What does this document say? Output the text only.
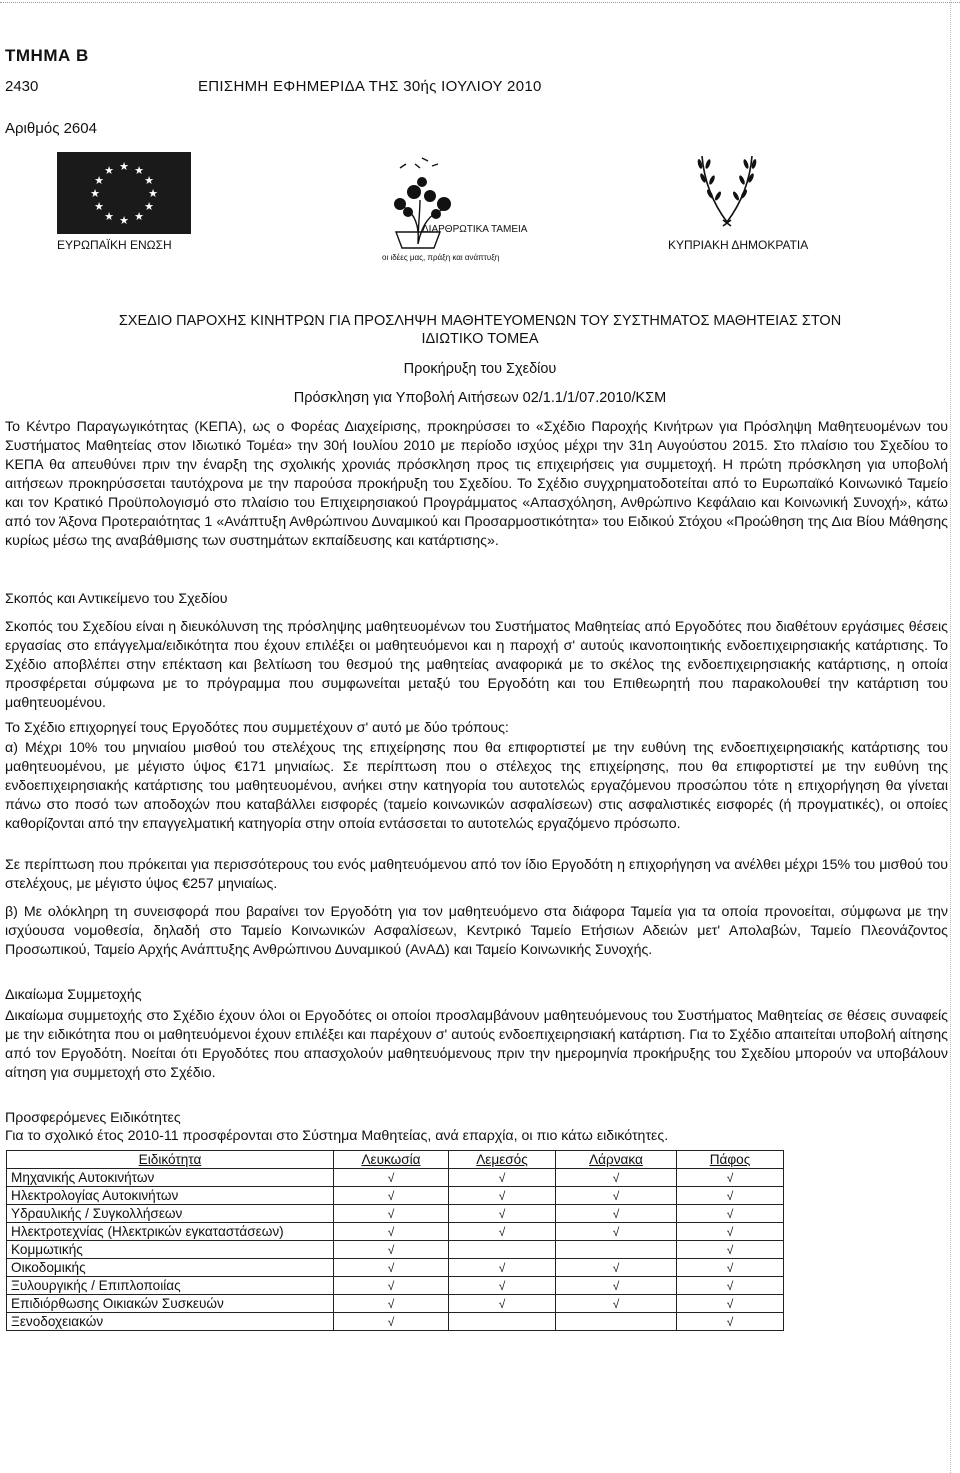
ΤΜΗΜΑ Β
2430	ΕΠΙΣΗΜΗ ΕΦΗΜΕΡΙΔΑ ΤΗΣ 30ής ΙΟΥΛΙΟΥ 2010
Αριθμός 2604
★ ★
★
★
★
★
★
★
★
★
★
★
ΕΥΡΩΠΑΪΚΗ ΕΝΩΣΗ
ΔΙΑΡΘΡΩΤΙΚΑ ΤΑΜΕΙΑ
οι ιδέες μας, πράξη και ανάπτυξη
ΚΥΠΡΙΑΚΗ ΔΗΜΟΚΡΑΤΙΑ
ΣΧΕΔΙΟ ΠΑΡΟΧΗΣ ΚΙΝΗΤΡΩΝ ΓΙΑ ΠΡΟΣΛΗΨΗ ΜΑΘΗΤΕΥΟΜΕΝΩΝ ΤΟΥ ΣΥΣΤΗΜΑΤΟΣ ΜΑΘΗΤΕΙΑΣ ΣΤΟΝ
ΙΔΙΩΤΙΚΟ ΤΟΜΕΑ
Προκήρυξη του Σχεδίου
Πρόσκληση για Υποβολή Αιτήσεων 02/1.1/1/07.2010/ΚΣΜ

Το Κέντρο Παραγωγικότητας (ΚΕΠΑ), ως ο Φορέας Διαχείρισης, προκηρύσσει το «Σχέδιο Παροχής Κινήτρων για Πρόσληψη Μαθητευομένων του Συστήματος Μαθητείας στον Ιδιωτικό Τομέα» την 30ή Ιουλίου 2010 με περίοδο ισχύος μέχρι την 31η Αυγούστου 2015. Στο πλαίσιο του Σχεδίου το ΚΕΠΑ θα απευθύνει πριν την έναρξη της σχολικής χρονιάς πρόσκληση προς τις επιχειρήσεις για συμμετοχή. Η πρώτη πρόσκληση για υποβολή αιτήσεων προκηρύσσεται ταυτόχρονα με την παρούσα προκήρυξη του Σχεδίου. Το Σχέδιο συγχρηματοδοτείται από το Ευρωπαϊκό Κοινωνικό Ταμείο και τον Κρατικό Προϋπολογισμό στο πλαίσιο του Επιχειρησιακού Προγράμματος «Απασχόληση, Ανθρώπινο Κεφάλαιο και Κοινωνική Συνοχή», κάτω από τον Άξονα Προτεραιότητας 1 «Ανάπτυξη Ανθρώπινου Δυναμικού και Προσαρμοστικότητα» του Ειδικού Στόχου «Προώθηση της Δια Βίου Μάθησης κυρίως μέσω της αναβάθμισης των συστημάτων εκπαίδευσης και κατάρτισης».

Σκοπός και Αντικείμενο του Σχεδίου

Σκοπός του Σχεδίου είναι η διευκόλυνση της πρόσληψης μαθητευομένων του Συστήματος Μαθητείας από Εργοδότες που διαθέτουν εργάσιμες θέσεις εργασίας στο επάγγελμα/ειδικότητα που έχουν επιλέξει οι μαθητευόμενοι και η παροχή σ' αυτούς ικανοποιητικής ενδοεπιχειρησιακής κατάρτισης. Το Σχέδιο αποβλέπει στην επέκταση και βελτίωση του θεσμού της μαθητείας αναφορικά με το σκέλος της ενδοεπιχειρησιακής κατάρτισης, η οποία προσφέρεται σύμφωνα με το πρόγραμμα που συμφωνείται μεταξύ του Εργοδότη και του Επιθεωρητή που παρακολουθεί την κατάρτιση του μαθητευομένου.

Το Σχέδιο επιχορηγεί τους Εργοδότες που συμμετέχουν σ' αυτό με δύο τρόπους:

α) Μέχρι 10% του μηνιαίου μισθού του στελέχους της επιχείρησης που θα επιφορτιστεί με την ευθύνη της ενδοεπιχειρησιακής κατάρτισης του μαθητευομένου, με μέγιστο ύψος €171 μηνιαίως. Σε περίπτωση που ο στέλεχος της επιχείρησης, που θα επιφορτιστεί με την ευθύνη της ενδοεπιχειρησιακής κατάρτισης του μαθητευομένου, ανήκει στην κατηγορία του αυτοτελώς εργαζόμενου προσώπου τότε η επιχορήγηση θα γίνεται πάνω στο ποσό των αποδοχών που καταβάλλει εισφορές (ταμείο κοινωνικών ασφαλίσεων) στις ασφαλιστικές εισφορές (ή προγματικές), οι οποίες καθορίζονται από την επαγγελματική κατηγορία στην οποία εντάσσεται το αυτοτελώς εργαζόμενο πρόσωπο.

Σε περίπτωση που πρόκειται για περισσότερους του ενός μαθητευόμενου από τον ίδιο Εργοδότη η επιχορήγηση να ανέλθει μέχρι 15% του μισθού του στελέχους, με μέγιστο ύψος €257 μηνιαίως.

β) Με ολόκληρη τη συνεισφορά που βαραίνει τον Εργοδότη για τον μαθητευόμενο στα διάφορα Ταμεία για τα οποία προνοείται, σύμφωνα με την ισχύουσα νομοθεσία, δηλαδή στο Ταμείο Κοινωνικών Ασφαλίσεων, Κεντρικό Ταμείο Ετήσιων Αδειών μετ' Απολαβών, Ταμείο Πλεονάζοντος Προσωπικού, Ταμείο Αρχής Ανάπτυξης Ανθρώπινου Δυναμικού (ΑνΑΔ) και Ταμείο Κοινωνικής Συνοχής.

Δικαίωμα Συμμετοχής

Δικαίωμα συμμετοχής στο Σχέδιο έχουν όλοι οι Εργοδότες οι οποίοι προσλαμβάνουν μαθητευόμενους του Συστήματος Μαθητείας σε θέσεις συναφείς με την ειδικότητα που οι μαθητευόμενοι έχουν επιλέξει και παρέχουν σ' αυτούς ενδοεπιχειρησιακή κατάρτιση. Για το Σχέδιο απαιτείται υποβολή αίτησης από τον Εργοδότη. Νοείται ότι Εργοδότες που απασχολούν μαθητευόμενους πριν την ημερομηνία προκήρυξης του Σχεδίου μπορούν να υποβάλουν αίτηση για συμμετοχή στο Σχέδιο.

Προσφερόμενες Ειδικότητες

Για το σχολικό έτος 2010-11 προσφέρονται στο Σύστημα Μαθητείας, ανά επαρχία, οι πιο κάτω ειδικότητες.

Ειδικότητα	Λευκωσία	Λεμεσός	Λάρνακα	Πάφος
Μηχανικής Αυτοκινήτων	√	√	√	√
Ηλεκτρολογίας Αυτοκινήτων	√	√	√	√
Υδραυλικής / Συγκολλήσεων	√	√	√	√
Ηλεκτροτεχνίας (Ηλεκτρικών εγκαταστάσεων)	√	√	√	√
Κομμωτικής	√			√
Οικοδομικής	√	√	√	√
Ξυλουργικής / Επιπλοποιίας	√	√	√	√
Επιδιόρθωσης Οικιακών Συσκευών	√	√	√	√
Ξενοδοχειακών	√			√
